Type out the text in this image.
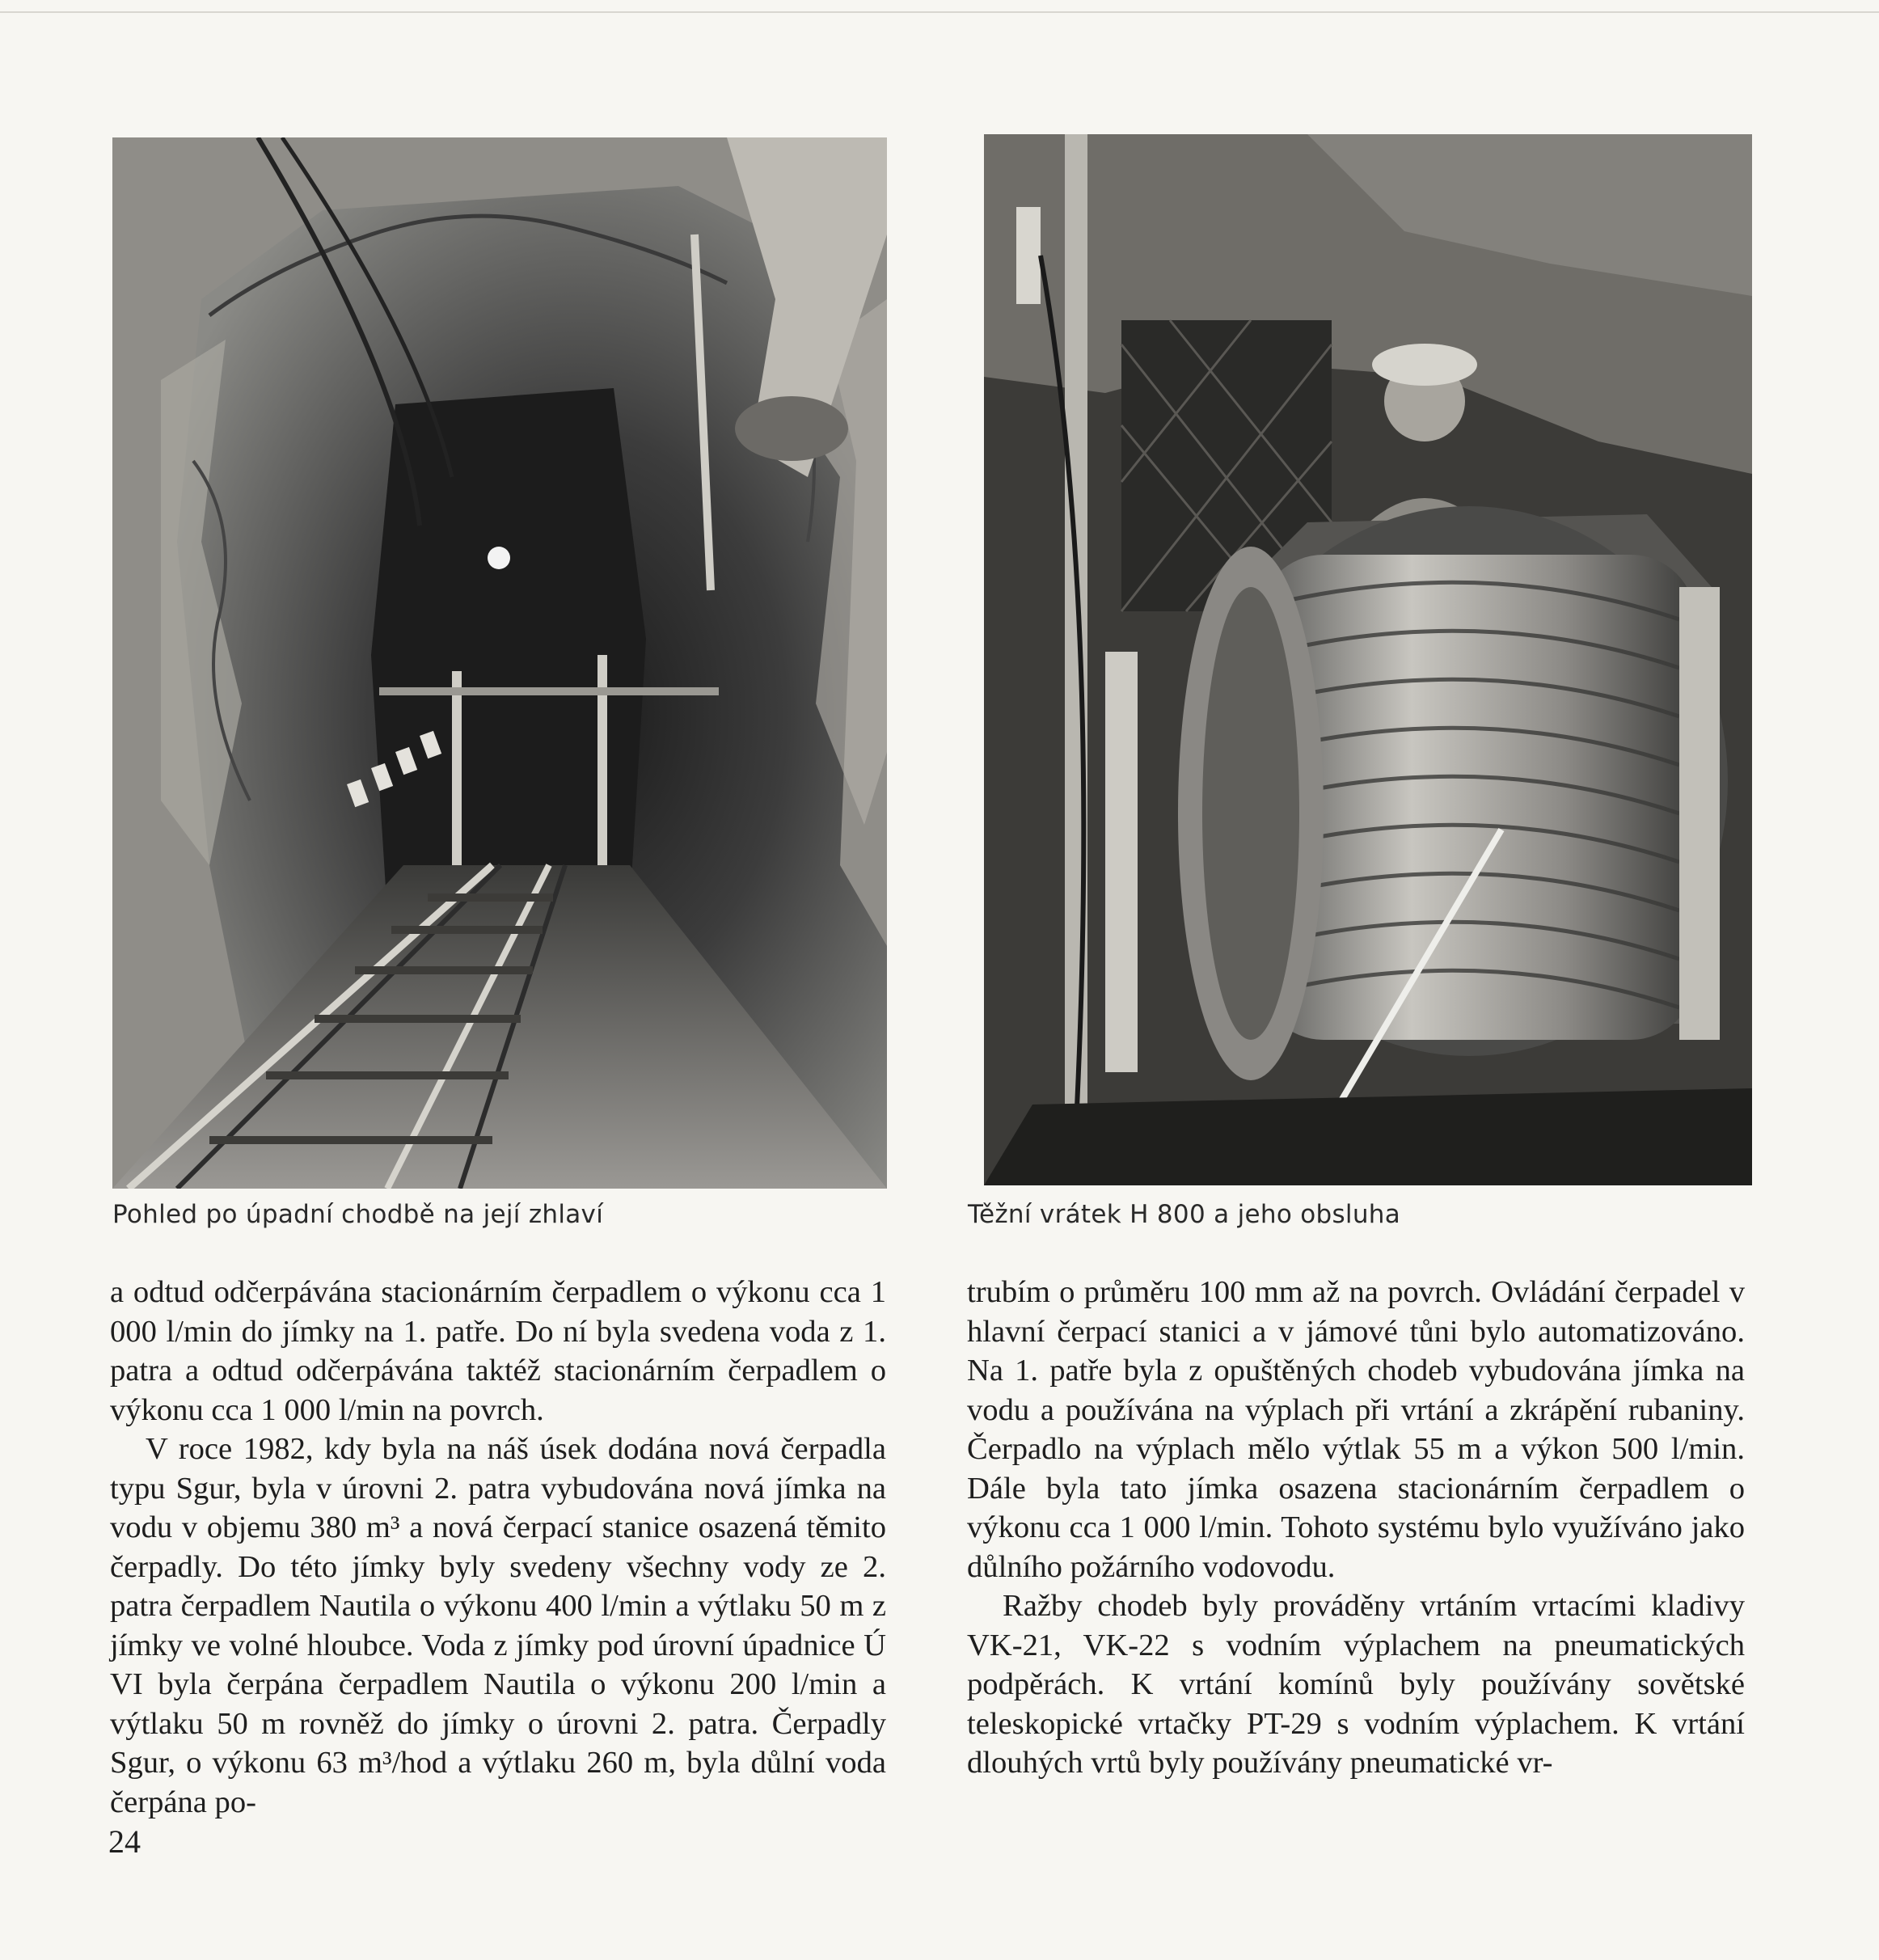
Pohled po úpadní chodbě na její zhlaví	Těžní vrátek H 800 a jeho obsluha

a odtud odčerpávána stacionárním čerpadlem o výkonu cca 1 000 l/min do jímky na 1. patře. Do ní byla svedena voda z 1. patra a odtud odčerpávána taktéž stacionárním čerpadlem o výkonu cca 1 000 l/min na povrch.

V roce 1982, kdy byla na náš úsek dodána nová čerpadla typu Sgur, byla v úrovni 2. patra vybudována nová jímka na vodu v objemu 380 m³ a nová čerpací stanice osazená těmito čerpadly. Do této jímky byly svedeny všechny vody ze 2. patra čerpadlem Nautila o výkonu 400 l/min a výtlaku 50 m z jímky ve volné hloubce. Voda z jímky pod úrovní úpadnice Ú VI byla čerpána čerpadlem Nautila o výkonu 200 l/min a výtlaku 50 m rovněž do jímky o úrovni 2. patra. Čerpadly Sgur, o výkonu 63 m³/hod a výtlaku 260 m, byla důlní voda čerpána po-

trubím o průměru 100 mm až na povrch. Ovládání čerpadel v hlavní čerpací stanici a v jámové tůni bylo automatizováno. Na 1. patře byla z opuštěných chodeb vybudována jímka na vodu a používána na výplach při vrtání a zkrápění rubaniny. Čerpadlo na výplach mělo výtlak 55 m a výkon 500 l/min. Dále byla tato jímka osazena stacionárním čerpadlem o výkonu cca 1 000 l/min. Tohoto systému bylo využíváno jako důlního požárního vodovodu.

Ražby chodeb byly prováděny vrtáním vrtacími kladivy VK-21, VK-22 s vodním výplachem na pneumatických podpěrách. K vrtání komínů byly používány sovětské teleskopické vrtačky PT-29 s vodním výplachem. K vrtání dlouhých vrtů byly používány pneumatické vr-

24
